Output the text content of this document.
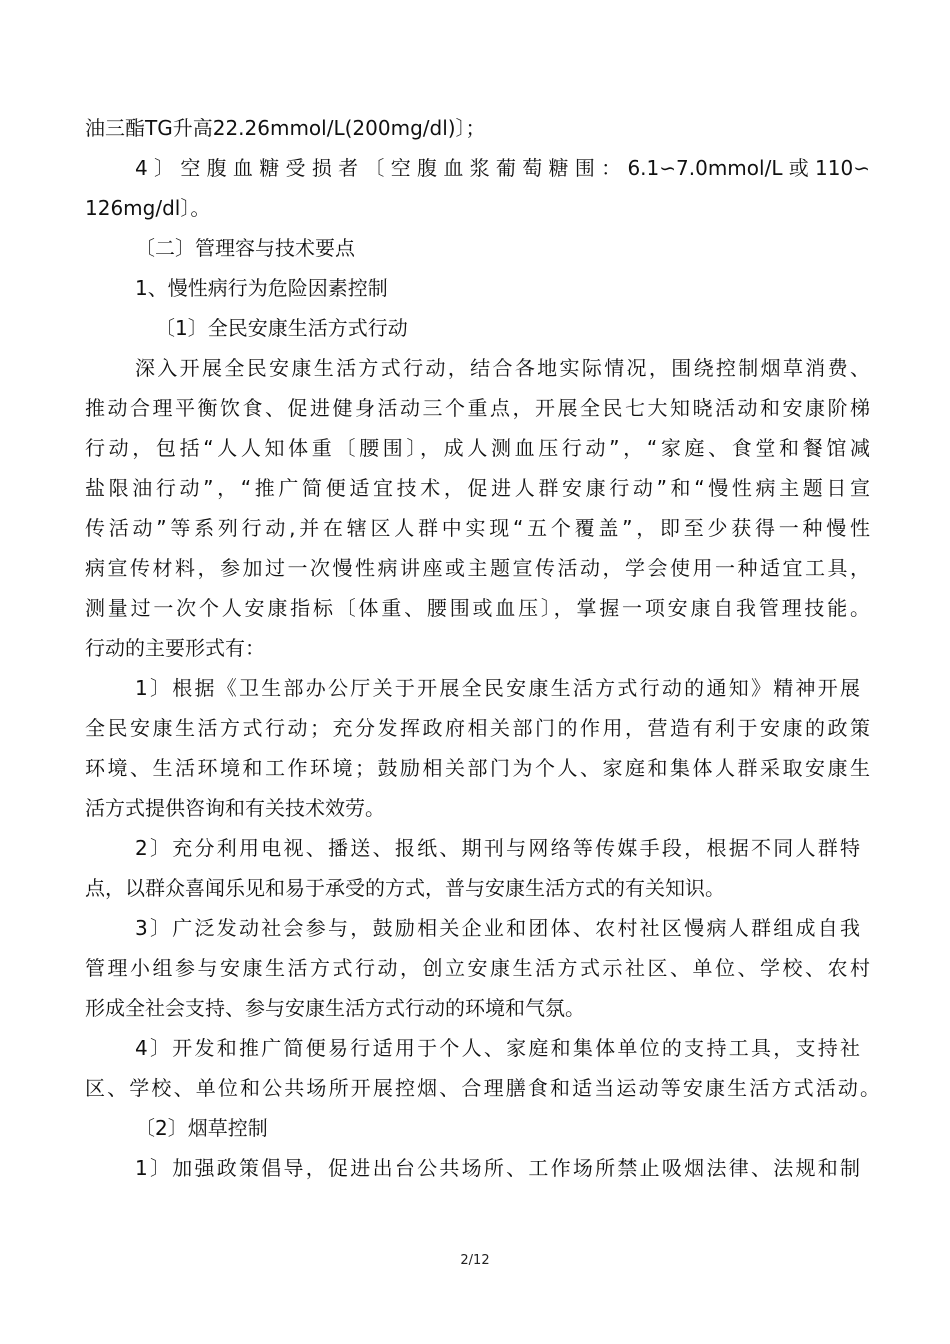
油三酯TG升高22.26mmol/L(200mg/dl)〕；
4〕空腹血糖受损者〔空腹血浆葡萄糖围：6.1∽7.0mmol/L或110∽
126mg/dl〕。
〔二〕管理容与技术要点
1、慢性病行为危险因素控制
〔1〕全民安康生活方式行动
深入开展全民安康生活方式行动，结合各地实际情况，围绕控制烟草消费、
推动合理平衡饮食、促进健身活动三个重点，开展全民七大知晓活动和安康阶梯
行动，包括“人人知体重〔腰围〕，成人测血压行动”，“家庭、食堂和餐馆减
盐限油行动”，“推广简便适宜技术，促进人群安康行动”和“慢性病主题日宣
传活动”等系列行动,并在辖区人群中实现“五个覆盖”，即至少获得一种慢性
病宣传材料，参加过一次慢性病讲座或主题宣传活动，学会使用一种适宜工具，
测量过一次个人安康指标〔体重、腰围或血压〕，掌握一项安康自我管理技能。
行动的主要形式有：
1〕根据《卫生部办公厅关于开展全民安康生活方式行动的通知》精神开展
全民安康生活方式行动；充分发挥政府相关部门的作用，营造有利于安康的政策
环境、生活环境和工作环境；鼓励相关部门为个人、家庭和集体人群采取安康生
活方式提供咨询和有关技术效劳。
2〕充分利用电视、播送、报纸、期刊与网络等传媒手段，根据不同人群特
点，以群众喜闻乐见和易于承受的方式，普与安康生活方式的有关知识。
3〕广泛发动社会参与，鼓励相关企业和团体、农村社区慢病人群组成自我
管理小组参与安康生活方式行动，创立安康生活方式示社区、单位、学校、农村
形成全社会支持、参与安康生活方式行动的环境和气氛。
4〕开发和推广简便易行适用于个人、家庭和集体单位的支持工具，支持社
区、学校、单位和公共场所开展控烟、合理膳食和适当运动等安康生活方式活动。
〔2〕烟草控制
1〕加强政策倡导，促进出台公共场所、工作场所禁止吸烟法律、法规和制
2/12
